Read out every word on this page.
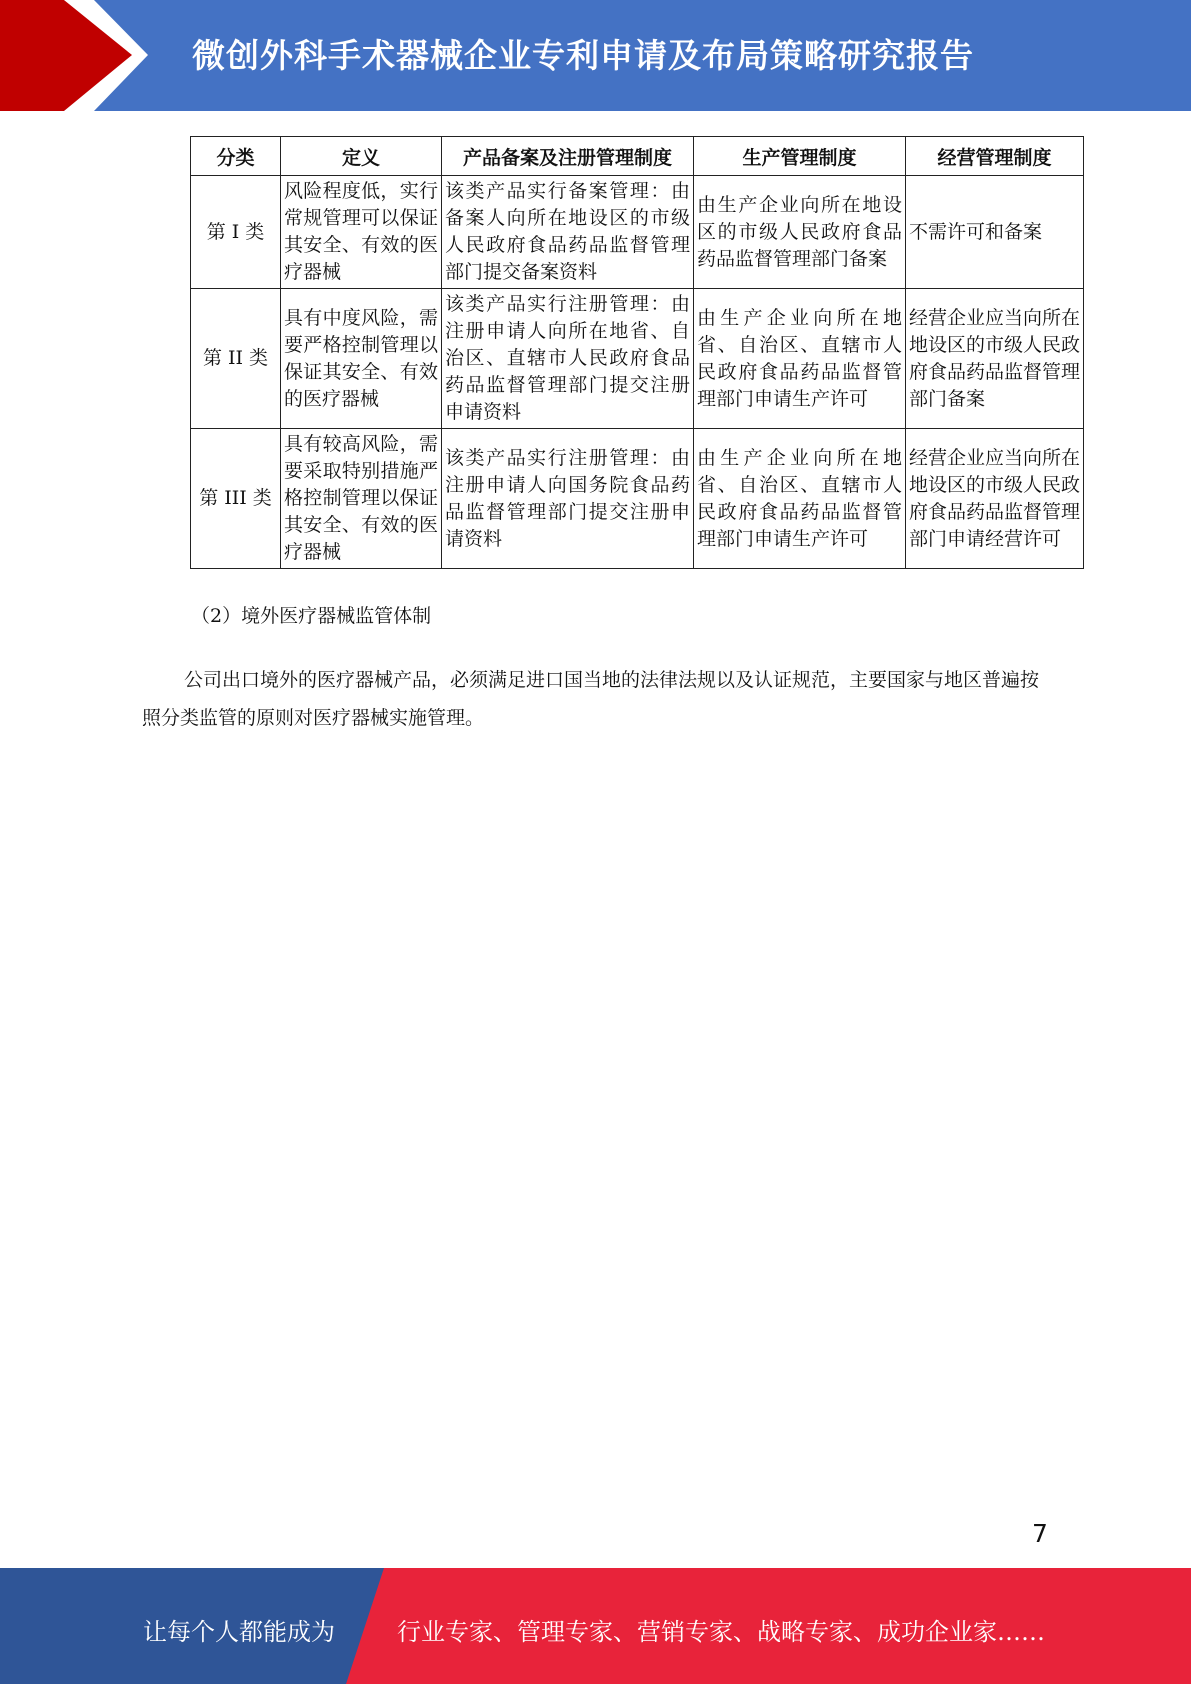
微创外科手术器械企业专利申请及布局策略研究报告
分类	定义	产品备案及注册管理制度	生产管理制度	经营管理制度
第 I 类	风险程度低，实行常规管理可以保证其安全、有效的医疗器械	该类产品实行备案管理：由备案人向所在地设区的市级人民政府食品药品监督管理部门提交备案资料	由生产企业向所在地设区的市级人民政府食品药品监督管理部门备案	不需许可和备案
第 II 类	具有中度风险，需要严格控制管理以保证其安全、有效的医疗器械	该类产品实行注册管理：由注册申请人向所在地省、自治区、直辖市人民政府食品药品监督管理部门提交注册申请资料	由生产企业向所在地省、自治区、直辖市人民政府食品药品监督管理部门申请生产许可	经营企业应当向所在地设区的市级人民政府食品药品监督管理部门备案
第 III 类	具有较高风险，需要采取特别措施严格控制管理以保证其安全、有效的医疗器械	该类产品实行注册管理：由注册申请人向国务院食品药品监督管理部门提交注册申请资料	由生产企业向所在地省、自治区、直辖市人民政府食品药品监督管理部门申请生产许可	经营企业应当向所在地设区的市级人民政府食品药品监督管理部门申请经营许可
（2）境外医疗器械监管体制
公司出口境外的医疗器械产品，必须满足进口国当地的法律法规以及认证规范，主要国家与地区普遍按照分类监管的原则对医疗器械实施管理。
7
让每个人都能成为	行业专家、管理专家、营销专家、战略专家、成功企业家……
